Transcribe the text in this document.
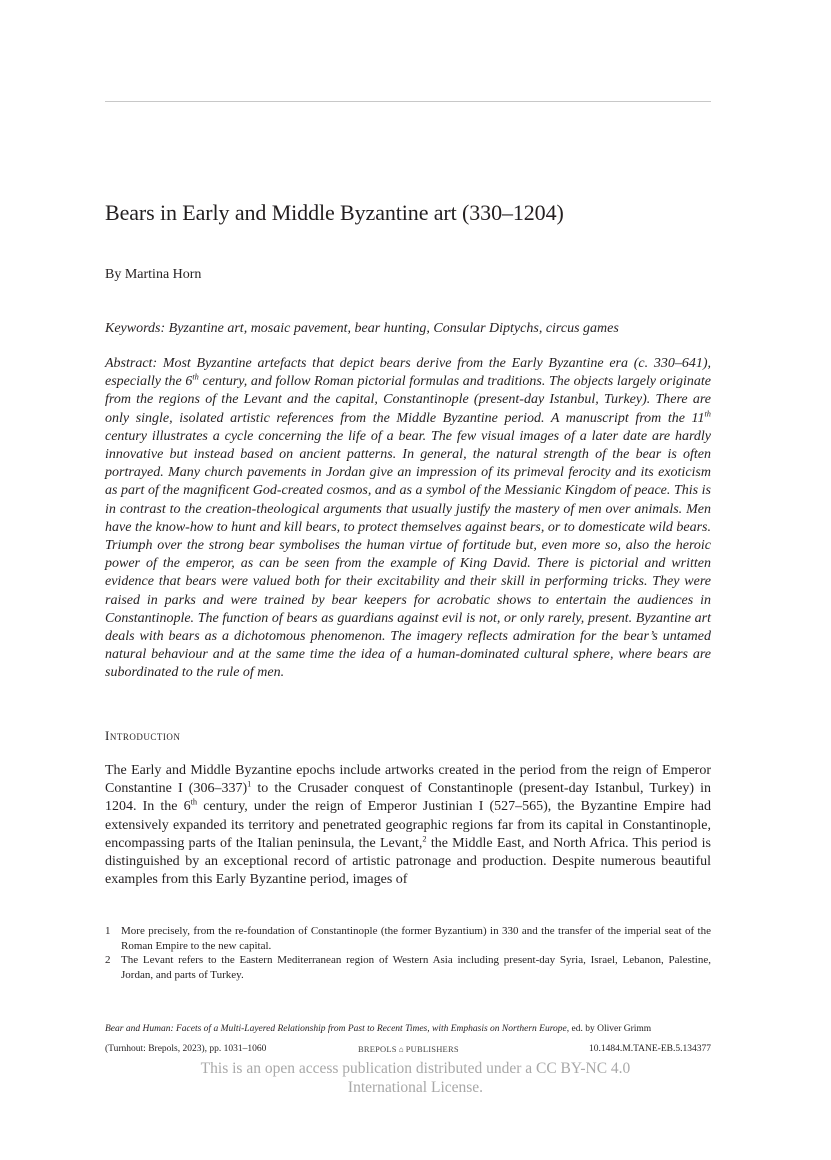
Bears in Early and Middle Byzantine art (330–1204)
By Martina Horn
Keywords: Byzantine art, mosaic pavement, bear hunting, Consular Diptychs, circus games
Abstract: Most Byzantine artefacts that depict bears derive from the Early Byzantine era (c. 330–641), especially the 6th century, and follow Roman pictorial formulas and traditions. The objects largely originate from the regions of the Levant and the capital, Constantinople (present-day Istanbul, Turkey). There are only single, isolated artistic references from the Middle Byzantine period. A manuscript from the 11th century illustrates a cycle concerning the life of a bear. The few visual images of a later date are hardly innovative but instead based on ancient patterns. In general, the natural strength of the bear is often portrayed. Many church pavements in Jordan give an impression of its primeval ferocity and its exoticism as part of the magnificent God-created cosmos, and as a symbol of the Messianic Kingdom of peace. This is in contrast to the creation-theological arguments that usually justify the mastery of men over animals. Men have the know-how to hunt and kill bears, to protect themselves against bears, or to domesticate wild bears. Triumph over the strong bear symbolises the human virtue of fortitude but, even more so, also the heroic power of the emperor, as can be seen from the example of King David. There is pictorial and written evidence that bears were valued both for their excitability and their skill in performing tricks. They were raised in parks and were trained by bear keepers for acrobatic shows to entertain the audiences in Constantinople. The function of bears as guardians against evil is not, or only rarely, present. Byzantine art deals with bears as a dichotomous phenomenon. The imagery reflects admiration for the bear’s untamed natural behaviour and at the same time the idea of a human-dominated cultural sphere, where bears are subordinated to the rule of men.
Introduction
The Early and Middle Byzantine epochs include artworks created in the period from the reign of Emperor Constantine I $(306-337)^1$ to the Crusader conquest of Constantinople (present-day Istanbul, Turkey) in 1204. In the 6th century, under the reign of Emperor Justinian I (527–565), the Byzantine Empire had extensively expanded its territory and penetrated geographic regions far from its capital in Constantinople, encompassing parts of the Italian peninsula, the Levant,$^2$ the Middle East, and North Africa. This period is distinguished by an exceptional record of artistic patronage and production. Despite numerous beautiful examples from this Early Byzantine period, images of
1 More precisely, from the re-foundation of Constantinople (the former Byzantium) in 330 and the transfer of the imperial seat of the Roman Empire to the new capital.
2 The Levant refers to the Eastern Mediterranean region of Western Asia including present-day Syria, Israel, Lebanon, Palestine, Jordan, and parts of Turkey.
Bear and Human: Facets of a Multi-Layered Relationship from Past to Recent Times, with Emphasis on Northern Europe, ed. by Oliver Grimm
(Turnhout: Brepols, 2023), pp. 1031–1060	BREPOLS ⌂ PUBLISHERS	10.1484.M.TANE-EB.5.134377
This is an open access publication distributed under a CC BY-NC 4.0
International License.
